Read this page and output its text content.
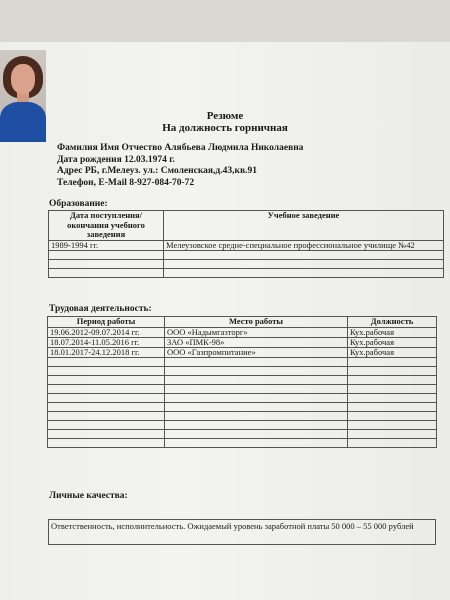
Резюме
На должность горничная
Фамилия Имя Отчество Алябьева Людмила Николаевна
Дата рождения 12.03.1974 г.
Адрес РБ, г.Мелеуз. ул.: Смоленская,д.43,кв.91
Телефон, E-Mail 8-927-084-70-72
Образование:
Дата поступления/окончания учебного заведения	Учебное заведение
1989-1994 гг.	Мелеузовское средне-специальное профессиональное училище №42

Трудовая деятельность:
Период работы	Место работы	Должность
19.06.2012-09.07.2014 гг.	ООО «Надымгазторг»	Кух.рабочая
18.07.2014-11.05.2016 гг.	ЗАО «ПМК-98»	Кух.рабочая
18.01.2017-24.12.2018 гг.	ООО «Газпромпитание»	Кух.рабочая

Личные качества:
Ответственность, исполнительность. Ожидаемый уровень заработной платы 50 000 – 55 000 рублей
